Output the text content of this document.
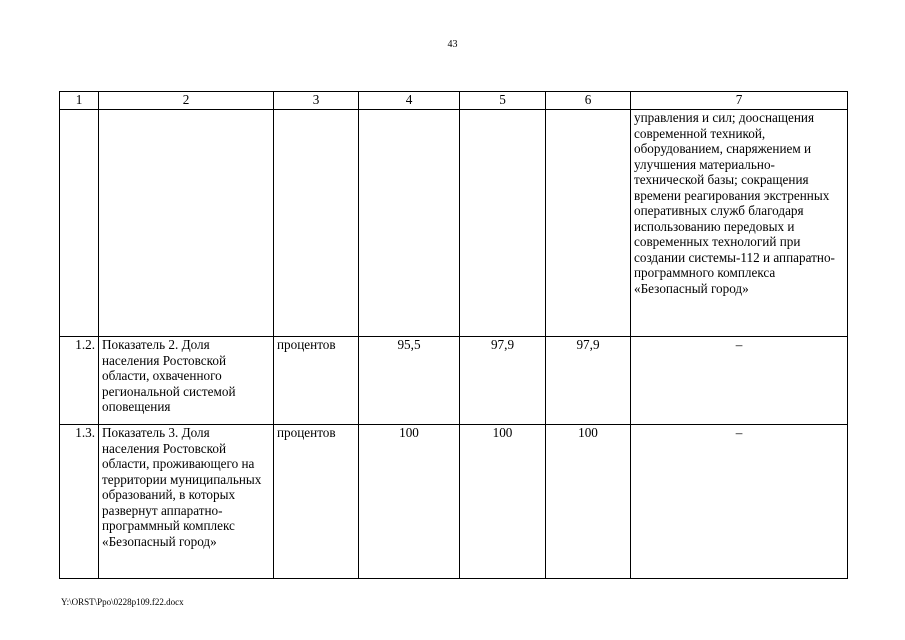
43
1	2	3	4	5	6	7
						управления и сил; дооснащения современной техникой, оборудованием, снаряжением и улучшения материально-технической базы; сокращения времени реагирования экстренных оперативных служб благодаря использованию передовых и современных технологий при создании системы-112 и аппаратно-программного комплекса «Безопасный город»
1.2.	Показатель 2. Доля населения Ростовской области, охваченного региональной системой оповещения	процентов	95,5	97,9	97,9	–
1.3.	Показатель 3. Доля населения Ростовской области, проживающего на территории муниципальных образований, в которых развернут аппаратно-программный комплекс «Безопасный город»	процентов	100	100	100	–
Y:\ORST\Ppo\0228p109.f22.docx
